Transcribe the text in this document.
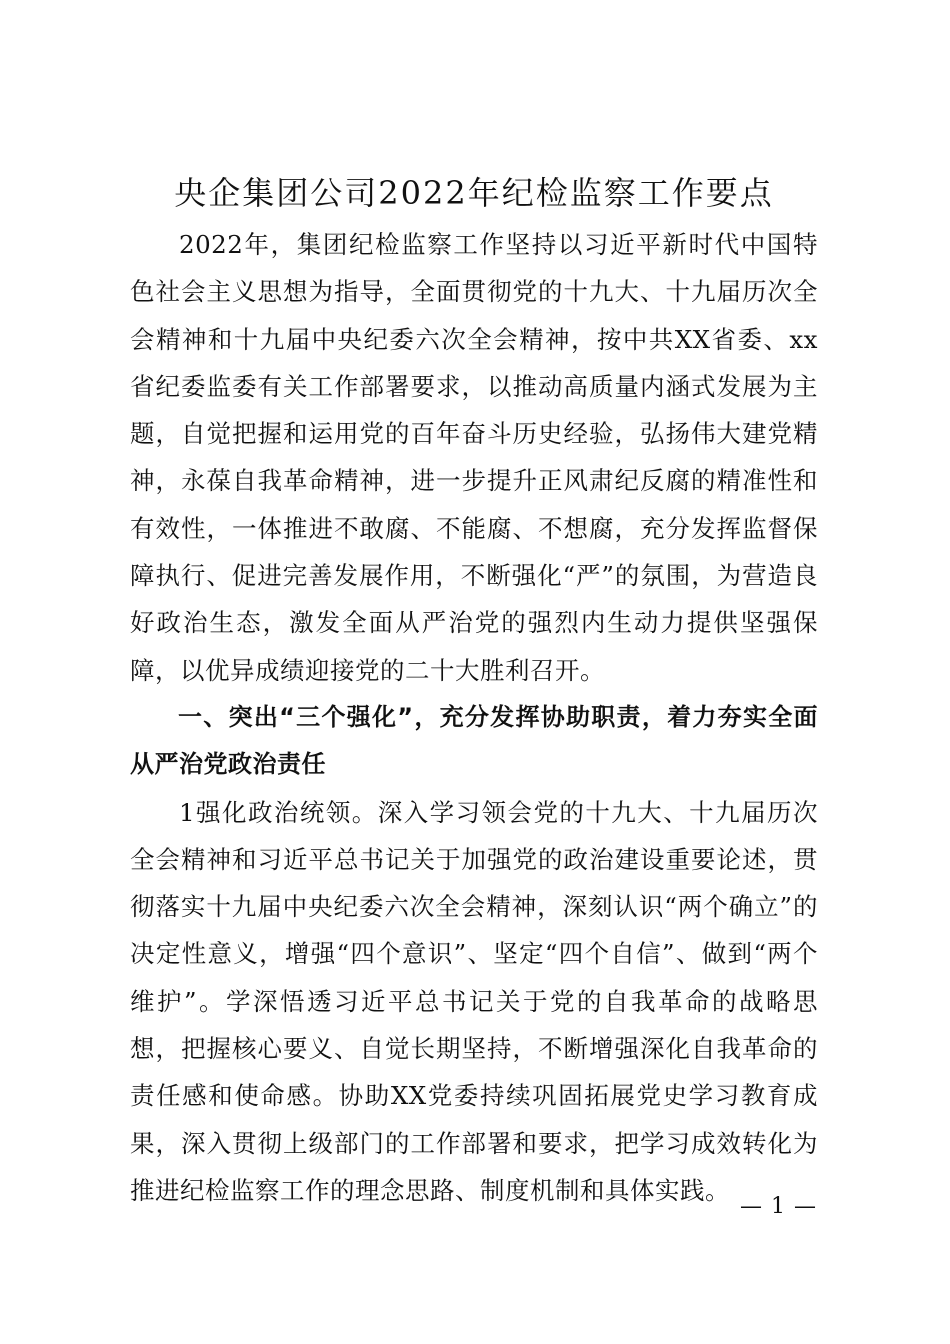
央企集团公司2022年纪检监察工作要点

2022年，集团纪检监察工作坚持以习近平新时代中国特色社会主义思想为指导，全面贯彻党的十九大、十九届历次全会精神和十九届中央纪委六次全会精神，按中共XX省委、xx省纪委监委有关工作部署要求，以推动高质量内涵式发展为主题，自觉把握和运用党的百年奋斗历史经验，弘扬伟大建党精神，永葆自我革命精神，进一步提升正风肃纪反腐的精准性和有效性，一体推进不敢腐、不能腐、不想腐，充分发挥监督保障执行、促进完善发展作用，不断强化“严”的氛围，为营造良好政治生态，激发全面从严治党的强烈内生动力提供坚强保障，以优异成绩迎接党的二十大胜利召开。

一、突出“三个强化”，充分发挥协助职责，着力夯实全面从严治党政治责任

1强化政治统领。深入学习领会党的十九大、十九届历次全会精神和习近平总书记关于加强党的政治建设重要论述，贯彻落实十九届中央纪委六次全会精神，深刻认识“两个确立”的决定性意义，增强“四个意识”、坚定“四个自信”、做到“两个维护”。学深悟透习近平总书记关于党的自我革命的战略思想，把握核心要义、自觉长期坚持，不断增强深化自我革命的责任感和使命感。协助XX党委持续巩固拓展党史学习教育成果，深入贯彻上级部门的工作部署和要求，把学习成效转化为推进纪检监察工作的理念思路、制度机制和具体实践。

— 1 —
